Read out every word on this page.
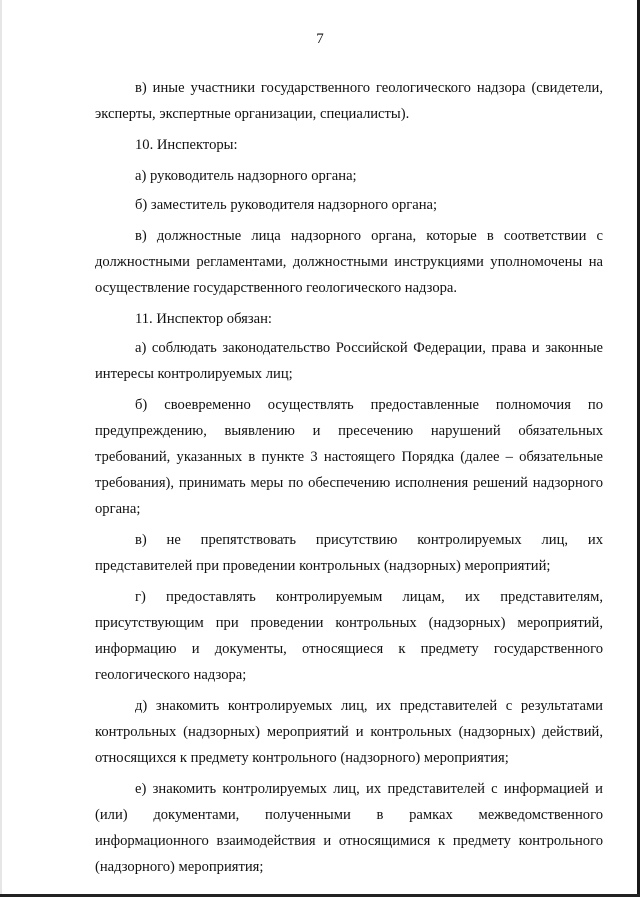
7

в) иные участники государственного геологического надзора (свидетели, эксперты, экспертные организации, специалисты).

10. Инспекторы:

а) руководитель надзорного органа;

б) заместитель руководителя надзорного органа;

в) должностные лица надзорного органа, которые в соответствии с должностными регламентами, должностными инструкциями уполномочены на осуществление государственного геологического надзора.

11. Инспектор обязан:

а) соблюдать законодательство Российской Федерации, права и законные интересы контролируемых лиц;

б) своевременно осуществлять предоставленные полномочия по предупреждению, выявлению и пресечению нарушений обязательных требований, указанных в пункте 3 настоящего Порядка (далее – обязательные требования), принимать меры по обеспечению исполнения решений надзорного органа;

в) не препятствовать присутствию контролируемых лиц, их представителей при проведении контрольных (надзорных) мероприятий;

г) предоставлять контролируемым лицам, их представителям, присутствующим при проведении контрольных (надзорных) мероприятий, информацию и документы, относящиеся к предмету государственного геологического надзора;

д) знакомить контролируемых лиц, их представителей с результатами контрольных (надзорных) мероприятий и контрольных (надзорных) действий, относящихся к предмету контрольного (надзорного) мероприятия;

е) знакомить контролируемых лиц, их представителей с информацией и (или) документами, полученными в рамках межведомственного информационного взаимодействия и относящимися к предмету контрольного (надзорного) мероприятия;
